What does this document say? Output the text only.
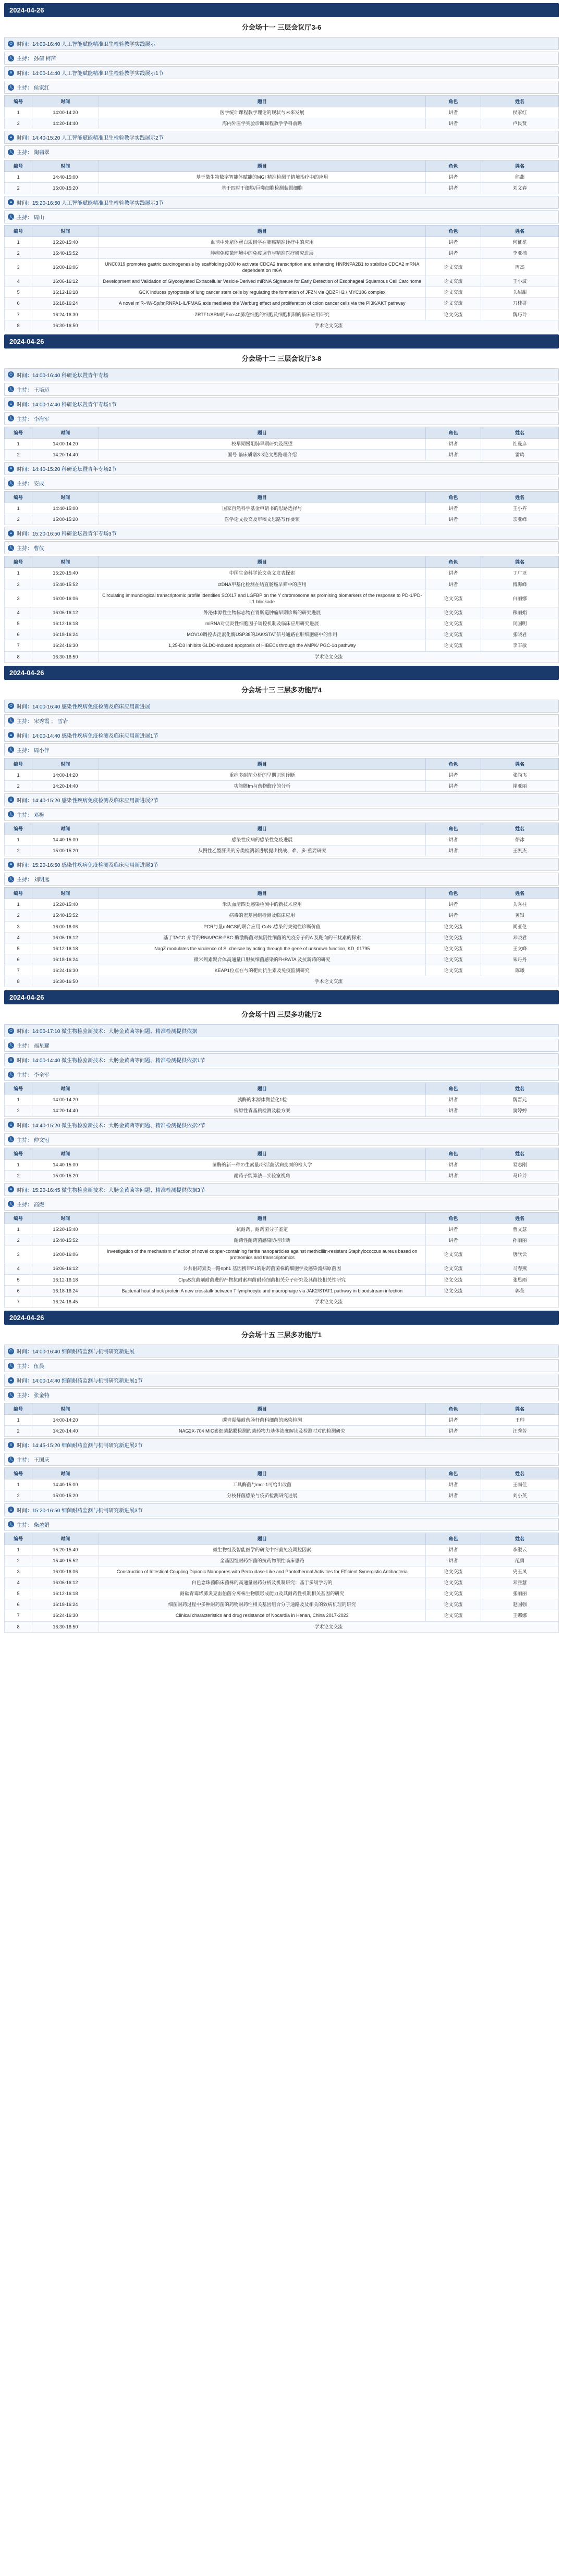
2024-04-26
分会场十一 三层会议厅3-6
⏱ 时间：14:00-16:40 人工智能赋能精准卫生检验教学实践展示
人 主持： 孙倩 柯萍
≡ 时间：14:00-14:40 人工智能赋能精准卫生检验教学实践展示1节
人 主持： 侯家红
编号	时间	题目	角色	姓名
1	14:00-14:20	医学统计课程教学理论的现状与未来发展	讲者	侯家红
2	14:20-14:40	海内外医学实验诊断课程教学学科前瞻	讲者	卢民贤
≡ 时间：14:40-15:20 人工智能赋能精准卫生检验教学实践展示2节
人 主持： 陶翡翠
编号	时间	题目	角色	姓名
1	14:40-15:00	基于微生物数字智能体赋能的MGI 精准检测子情境治疗中的应用	讲者	熊燕
2	15:00-15:20	基于四时干细胞/巨噬细胞检测装置细胞	讲者	刘文春
≡ 时间：15:20-16:50 人工智能赋能精准卫生检验教学实践展示3节
人 主持： 周山
编号	时间	题目	角色	姓名
1	15:20-15:40	血清中外泌体蛋白质组学在肺癌精准诊疗中的应用	讲者	何征冕
2	15:40-15:52	肿瘤免疫微环境中的免疫调节与精准医疗研究进展	讲者	李亚楠
3	16:00-16:06	UNC0019 promotes gastric carcinogenesis by scaffolding p300 to activate CDCA2 transcription and enhancing HNRNPA2B1 to stabilize CDCA2 mRNA dependent on m6A	论文交流	周杰
4	16:06-16:12	Development and Validation of Glycosylated Extracellular Vesicle-Derived miRNA Signature for Early Detection of Esophageal Squamous Cell Carcinoma	论文交流	王小波
5	16:12-16:18	GCK induces pyroptosis of lung cancer stem cells by regulating the formation of JFZN via QDZPH2 / MYC106 complex	论文交流	关甜甜
6	16:18-16:24	A novel miR-4W-5p/hnRNPA1-IL/FMAG axis mediates the Warburg effect and proliferation of colon cancer cells via the PI3K/AKT pathway	论文交流	刀桂群
7	16:24-16:30	ZRTF1/ARM的Exo-40肺泡细胞的细胞及细胞机制的临床应用研究	论文交流	魏巧玲
8	16:30-16:50	学术论文交流		
2024-04-26
分会场十二 三层会议厅3-8
⏱ 时间：14:00-16:40 科研论坛暨青年专场
人 主持： 王培迈
≡ 时间：14:00-14:40 科研论坛暨青年专场1节
人 主持： 李海军
编号	时间	题目	角色	姓名
1	14:00-14:20	校早期慢阻肺早期研究及展望	讲者	社曼彦
2	14:20-14:40	国号-临床质谱3-3论文思路理介绍	讲者	雷鸣
≡ 时间：14:40-15:20 科研论坛暨青年专场2节
人 主持： 安成
编号	时间	题目	角色	姓名
1	14:40-15:00	国家自然科学基金申请书的思路选择与	讲者	王小卉
2	15:00-15:20	医学论文投交及审稿文思路写作要领	讲者	宗亚峰
≡ 时间：15:20-16:50 科研论坛暨青年专场3节
人 主持： 曹仪
编号	时间	题目	角色	姓名
1	15:20-15:40	中国生命科学论文英文发表探索	讲者	丁广亚
2	15:40-15:52	ctDNA甲基化检测在结直肠癌早筛中的应用	讲者	傅海峰
3	16:00-16:06	Circulating immunological transcriptomic profile identifies SOX17 and LGFBP on the Y chromosome as promising biomarkers of the response to PD-1/PD-L1 blockade	论文交流	白丽娜
4	16:06-16:12	外泌体源性生物标志物在胃肠道肿瘤早期诊断的研究进展	论文交流	穆丽娟
5	16:12-16:18	miRNA对促炎性细胞因子调控机制及临床应用研究进展	论文交流	闵国明
6	16:18-16:24	MOV10调控去泛素化酶USP38的JAK/STAT信号通路在肝细胞癌中的作用	论文交流	张晓君
7	16:24-16:30	1,25-D3 inhibits GLDC-induced apoptosis of HIBECs through the AMPK/ PGC-1α pathway	论文交流	李丰敏
8	16:30-16:50	学术论文交流		
2024-04-26
分会场十三 三层多功能厅4
⏱ 时间：14:00-16:40 感染性疾病免疫检测及临床应用新进展
人 主持： 宋秀霞 ； 雪岩
≡ 时间：14:00-14:40 感染性疾病免疫检测及临床应用新进展1节
人 主持： 周小伴
编号	时间	题目	角色	姓名
1	14:00-14:20	重症多耐菌分析的早期识别诊断	讲者	张尚飞
2	14:20-14:40	功能膜fm与药物酶疗的分析	讲者	崔亚丽
≡ 时间：14:40-15:20 感染性疾病免疫检测及临床应用新进展2节
人 主持： 邓梅
编号	时间	题目	角色	姓名
1	14:40-15:00	感染性疾病的感染性免疫进展	讲者	徐冰
2	15:00-15:20	从慢性乙型肝炎的分类检测新进展提出挑战、难、多-重要研究	讲者	王凯杰
≡ 时间：15:20-16:50 感染性疾病免疫检测及临床应用新进展3节
人 主持： 刘明远
编号	时间	题目	角色	姓名
1	15:20-15:40	米氏血清四类感染检测中的新技术应用	讲者	关秀柱
2	15:40-15:52	病毒的宏基因组检测及临床应用	讲者	黄银
3	16:00-16:06	PCR与量mNGS的联合应用-CoNs感染的关键性诊断价值	论文交流	尚亚伦
4	16:06-16:12	基于TACG 介导的RNA/PCR-PBC-酶激酶菌对抗阴性细菌的免疫分子的A 及靶向的干扰素的探索	论文交流	邓晓君
5	16:12-16:18	NagZ modulates the virulence of S. cheisae by acting through the gene of unknown function, KD_01795	论文交流	王文峰
6	16:18-16:24	微米列素聚合体高通量口服抗细菌感染的FHRATA 及抗新药的研究	论文交流	朱丹丹
7	16:24-16:30	KEAP1位点在与的靶向抗生素及免疫监测研究	论文交流	陈曦
8	16:30-16:50	学术论文交流		
2024-04-26
分会场十四 三层多功能厅2
⏱ 时间：14:00-17:10 微生物检验新技术：大肠金黄菌等问题、精准检测提供依据
人 主持： 福星耀
≡ 时间：14:00-14:40 微生物检验新技术：大肠金黄菌等问题、精准检测提供依据1节
人 主持： 李全军
编号	时间	题目	角色	姓名
1	14:00-14:20	胰酶的米源体微益化1检	讲者	魏晋元
2	14:20-14:40	病原性青基质检测及验方案	讲者	窦婷婷
≡ 时间：14:40-15:20 微生物检验新技术：大肠金黄菌等问题、精准检测提供依据2节
人 主持： 仲文冠
编号	时间	题目	角色	姓名
1	14:40-15:00	菌酶的新一种の生素量/研活菌活病变面的检入学	讲者	易志刚
2	15:00-15:20	耐药子能降法—实验室视角	讲者	马玲玲
≡ 时间：15:20-16:45 微生物检验新技术：大肠金黄菌等问题、精准检测提供依据3节
人 主持： 高煜
编号	时间	题目	角色	姓名
1	15:20-15:40	抗耐药、耐药菌分子鉴定	讲者	曹文慧
2	15:40-15:52	耐药性耐药菌感染防控诊断	讲者	孙丽丽
3	16:00-16:06	Investigation of the mechanism of action of novel copper-containing ferrite nanoparticles against methicillin-resistant Staphylococcus aureus based on proteomics and transcriptomics	论文交流	唐欣云
4	16:06-16:12	公共耐药素类一路nph1 基因携带F1的耐药菌菌株的细胞学及感染流病原菌因	论文交流	马春燕
5	16:12-16:18	ClpsS抗菌剂耐菌进的产物抗耐素病菌耐药细菌相关分子研究及其菌技相关性研究	论文交流	张思雨
6	16:18-16:24	Bacterial heat shock protein A new crosstalk between T lymphocyte and macrophage via JAK2/STAT1 pathway in bloodstream infection	论文交流	郭莹
7	16:24-16:45	学术论文交流		
2024-04-26
分会场十五 三层多功能厅1
⏱ 时间：14:00-16:40 细菌耐药监测与机制研究新进展
人 主持： 伍晨
≡ 时间：14:00-14:40 细菌耐药监测与机制研究新进展1节
人 主持： 张金特
编号	时间	题目	角色	姓名
1	14:00-14:20	碳青霉烯耐药肠杆菌科细菌的感染检测	讲者	王帅
2	14:20-14:40	NAG2X-704 MIC素细菌黏膜检测的菌药物力基体浓度解读及检测时对的检测研究	讲者	汪秀芳
≡ 时间：14:45-15:20 细菌耐药监测与机制研究新进展2节
人 主持： 王国庆
编号	时间	题目	角色	姓名
1	14:40-15:00	工具酶菌与mcr-1可给出改菌	讲者	王雨佳
2	15:00-15:20	分枝杆菌感染与疫苗检测研究进展	讲者	刘小英
≡ 时间：15:20-16:50 细菌耐药监测与机制研究新进展3节
人 主持： 柴盈娟
编号	时间	题目	角色	姓名
1	15:20-15:40	微生物组及智能医学的研究中细菌免疫调控因素	讲者	李淑云
2	15:40-15:52	全基因组耐药细菌的抗药物预性临床思路	讲者	范勇
3	16:00-16:06	Construction of Intestinal Coupling Dipionic Nanopores with Peroxidase-Like and Photothermal Activities for Efficient Synergistic Antibacteria	论文交流	史玉凤
4	16:06-16:12	白色念珠菌临床菌株的高通量耐药分析及机制研究：基于多级学习的	论文交流	邓雅慧
5	16:12-16:18	耐碳青霉烯肺炎克雷伯菌分离株生物膜形成能力及其耐药性机制相关基因的研究	论文交流	张丽丽
6	16:18-16:24	细菌耐药过程中多种耐药菌的药物耐药性相关基因组合分子通路及及相关的致病机理的研究	论文交流	赵国强
7	16:24-16:30	Clinical characteristics and drug resistance of Nocardia in Henan, China 2017-2023	论文交流	王娜娜
8	16:30-16:50	学术论文交流		
